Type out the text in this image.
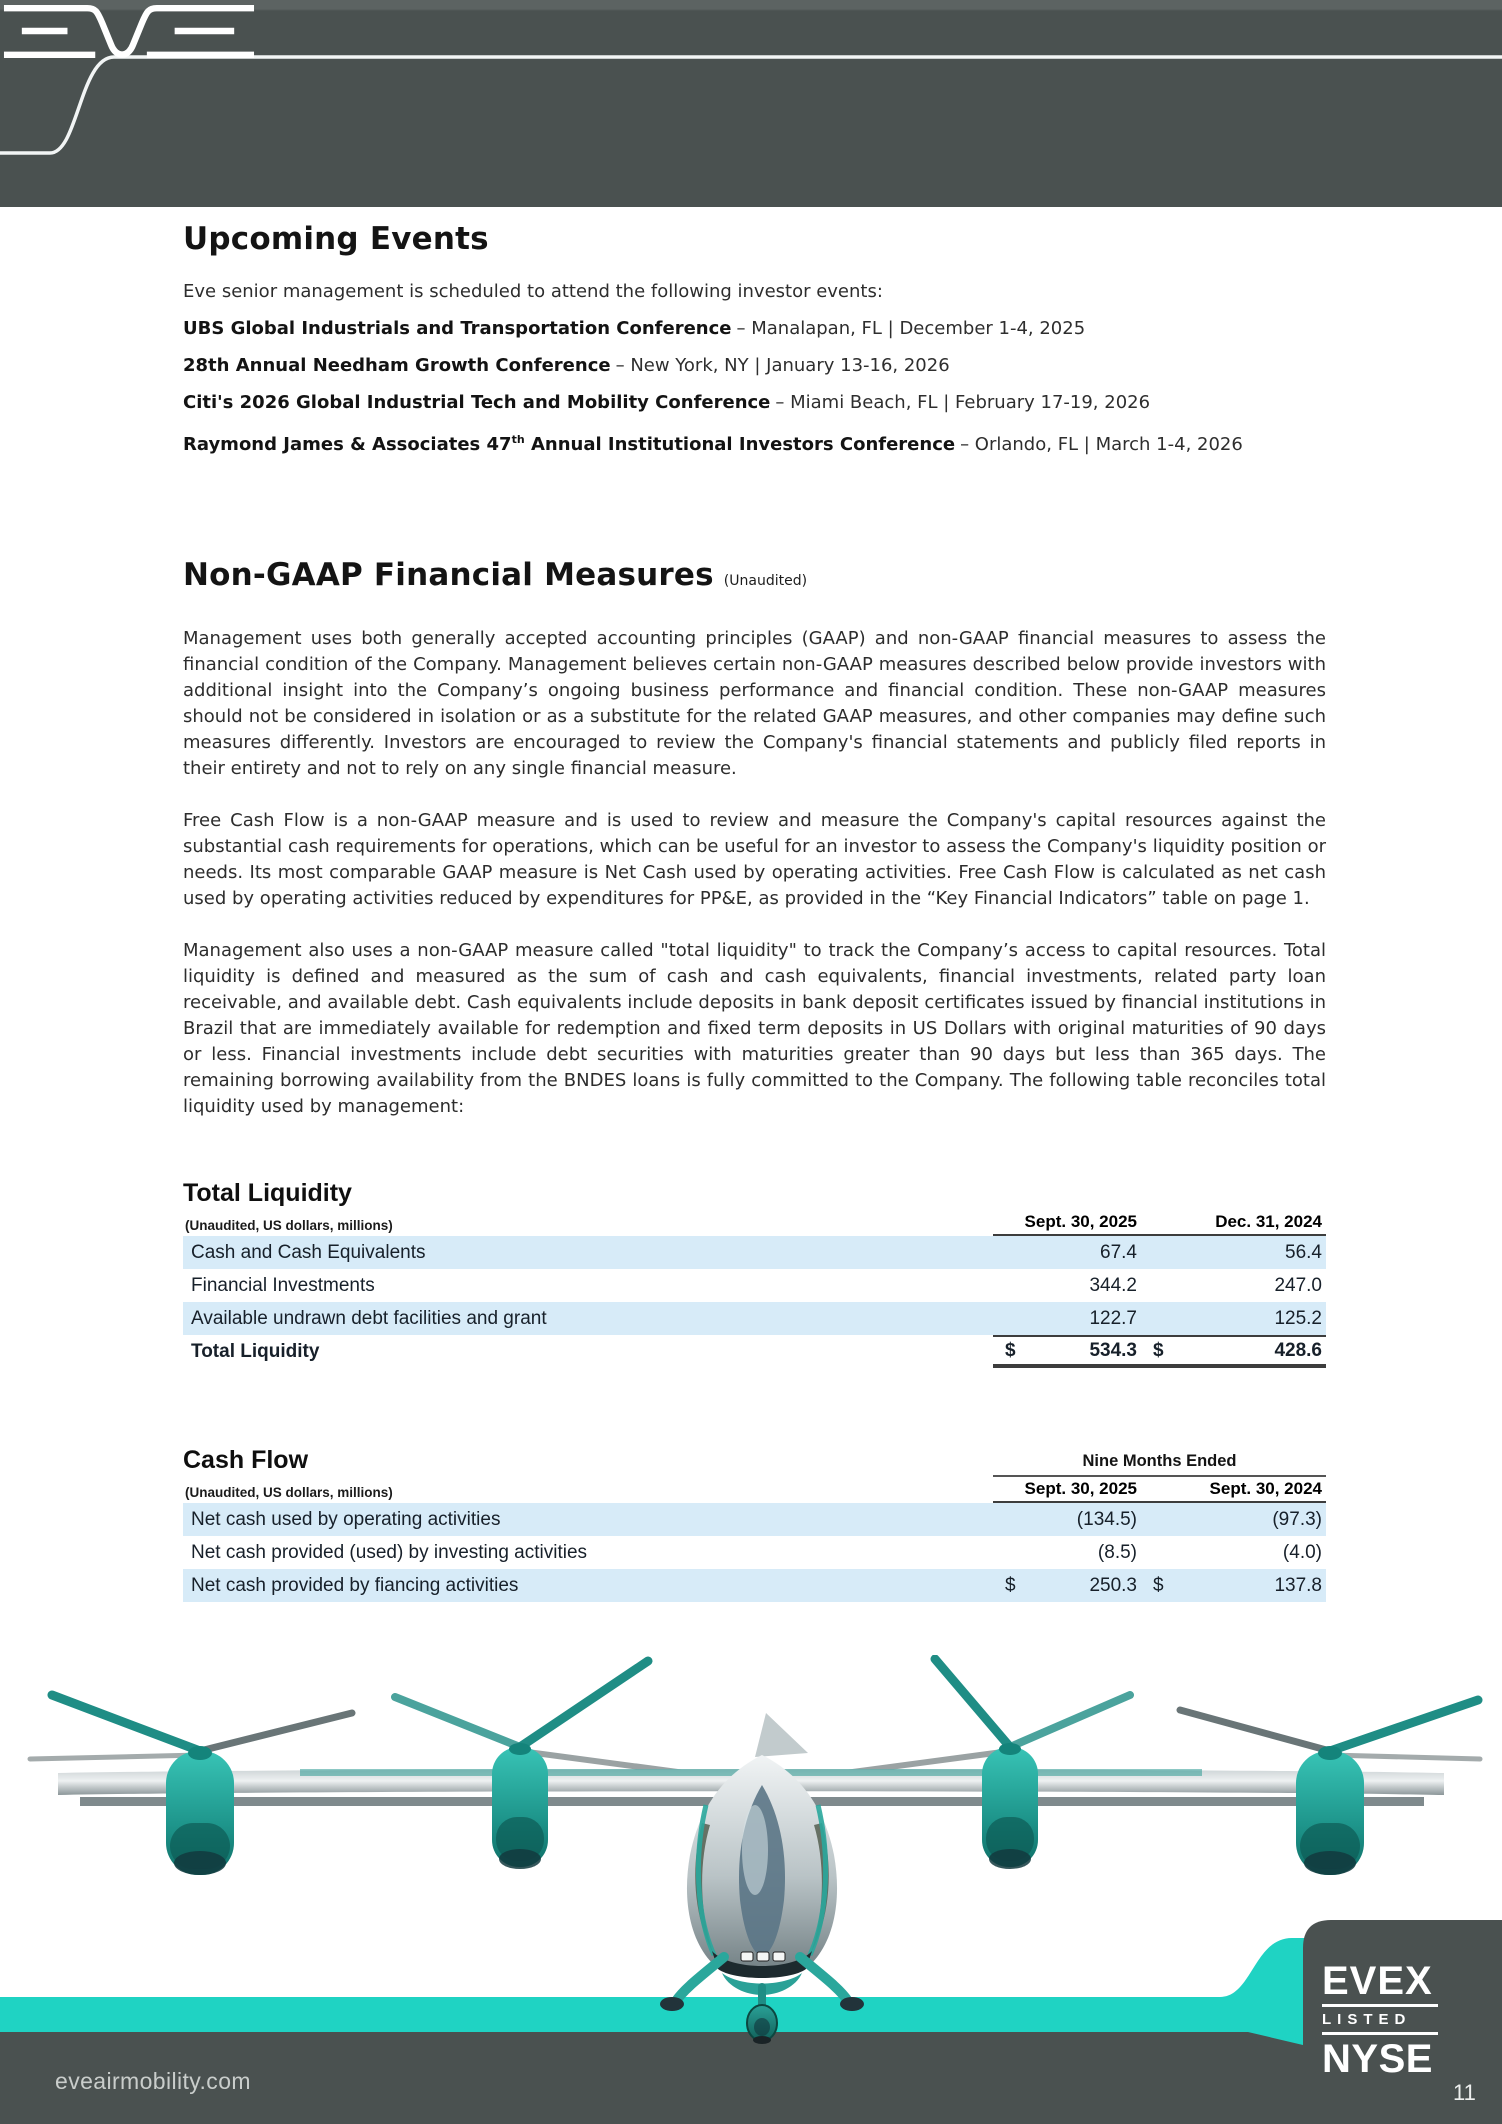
Upcoming Events
Eve senior management is scheduled to attend the following investor events:
UBS Global Industrials and Transportation Conference – Manalapan, FL | December 1-4, 2025
28th Annual Needham Growth Conference – New York, NY | January 13-16, 2026
Citi's 2026 Global Industrial Tech and Mobility Conference – Miami Beach, FL | February 17-19, 2026
Raymond James & Associates 47th Annual Institutional Investors Conference – Orlando, FL | March 1-4, 2026
Non-GAAP Financial Measures (Unaudited)

Management uses both generally accepted accounting principles (GAAP) and non-GAAP financial measures to assess the financial condition of the Company. Management believes certain non-GAAP measures described below provide investors with additional insight into the Company’s ongoing business performance and financial condition. These non-GAAP measures should not be considered in isolation or as a substitute for the related GAAP measures, and other companies may define such measures differently. Investors are encouraged to review the Company's financial statements and publicly filed reports in their entirety and not to rely on any single financial measure.

Free Cash Flow is a non-GAAP measure and is used to review and measure the Company's capital resources against the substantial cash requirements for operations, which can be useful for an investor to assess the Company's liquidity position or needs. Its most comparable GAAP measure is Net Cash used by operating activities. Free Cash Flow is calculated as net cash used by operating activities reduced by expenditures for PP&E, as provided in the “Key Financial Indicators” table on page 1.

Management also uses a non-GAAP measure called "total liquidity" to track the Company’s access to capital resources. Total liquidity is defined and measured as the sum of cash and cash equivalents, financial investments, related party loan receivable, and available debt. Cash equivalents include deposits in bank deposit certificates issued by financial institutions in Brazil that are immediately available for redemption and fixed term deposits in US Dollars with original maturities of 90 days or less. Financial investments include debt securities with maturities greater than 90 days but less than 365 days. The remaining borrowing availability from the BNDES loans is fully committed to the Company. The following table reconciles total liquidity used by management:

Total Liquidity
(Unaudited, US dollars, millions)	Sept. 30, 2025	Dec. 31, 2024
Cash and Cash Equivalents	67.4	56.4
Financial Investments	344.2	247.0
Available undrawn debt facilities and grant	122.7	125.2
Total Liquidity	$	534.3 $	428.6
Cash Flow	Nine Months Ended
(Unaudited, US dollars, millions)	Sept. 30, 2025	Sept. 30, 2024
Net cash used by operating activities	(134.5)	(97.3)
Net cash provided (used) by investing activities	(8.5)	(4.0)
Net cash provided by fiancing activities	$	250.3 $	137.8
eveairmobility.com
EVEX
LISTED
NYSE
11
